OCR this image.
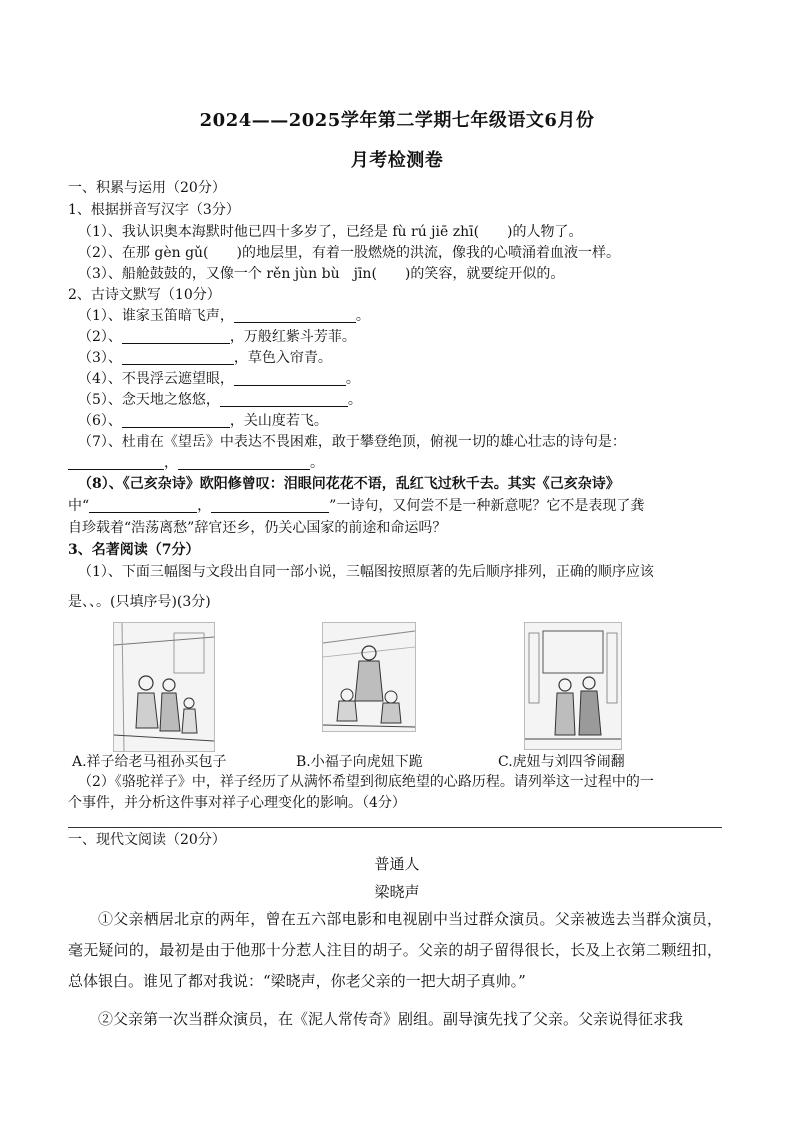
2024——2025学年第二学期七年级语文6月份
月考检测卷
一、积累与运用（20分）
1、根据拼音写汉字（3分）
（1）、我认识奥本海默时他已四十多岁了，已经是 fù rú jiē zhī(　　)的人物了。
（2）、在那 gèn gǔ(　　)的地层里，有着一股燃烧的洪流，像我的心喷涌着血液一样。
（3）、船舱鼓鼓的，又像一个 rěn jùn bù　jīn(　　)的笑容，就要绽开似的。
2、古诗文默写（10分）
（1）、谁家玉笛暗飞声，	。
（2）、	，万般红紫斗芳菲。
（3）、	，草色入帘青。
（4）、不畏浮云遮望眼，	。
（5）、念天地之悠悠，	。
（6）、	，关山度若飞。
（7）、杜甫在《望岳》中表达不畏困难，敢于攀登绝顶，俯视一切的雄心壮志的诗句是：
，	。
（8）、《己亥杂诗》欧阳修曾叹：泪眼问花花不语，乱红飞过秋千去。其实《己亥杂诗》
中“	，	”一诗句，又何尝不是一种新意呢？它不是表现了龚
自珍载着“浩荡离愁”辞官还乡，仍关心国家的前途和命运吗？
3、名著阅读（7分）
（1）、下面三幅图与文段出自同一部小说，三幅图按照原著的先后顺序排列，正确的顺序应该
是、、。(只填序号)(3分)
A.祥子给老马祖孙买包子	B.小福子向虎妞下跪	C.虎妞与刘四爷闹翻
（2）《骆驼祥子》中，祥子经历了从满怀希望到彻底绝望的心路历程。请列举这一过程中的一
个事件，并分析这件事对祥子心理变化的影响。（4分）
一、现代文阅读（20分）
普通人
梁晓声
①父亲栖居北京的两年，曾在五六部电影和电视剧中当过群众演员。父亲被选去当群众演员，毫无疑问的，最初是由于他那十分惹人注目的胡子。父亲的胡子留得很长，长及上衣第二颗纽扣，总体银白。谁见了都对我说：“梁晓声，你老父亲的一把大胡子真帅。”
②父亲第一次当群众演员，在《泥人常传奇》剧组。副导演先找了父亲。父亲说得征求我
